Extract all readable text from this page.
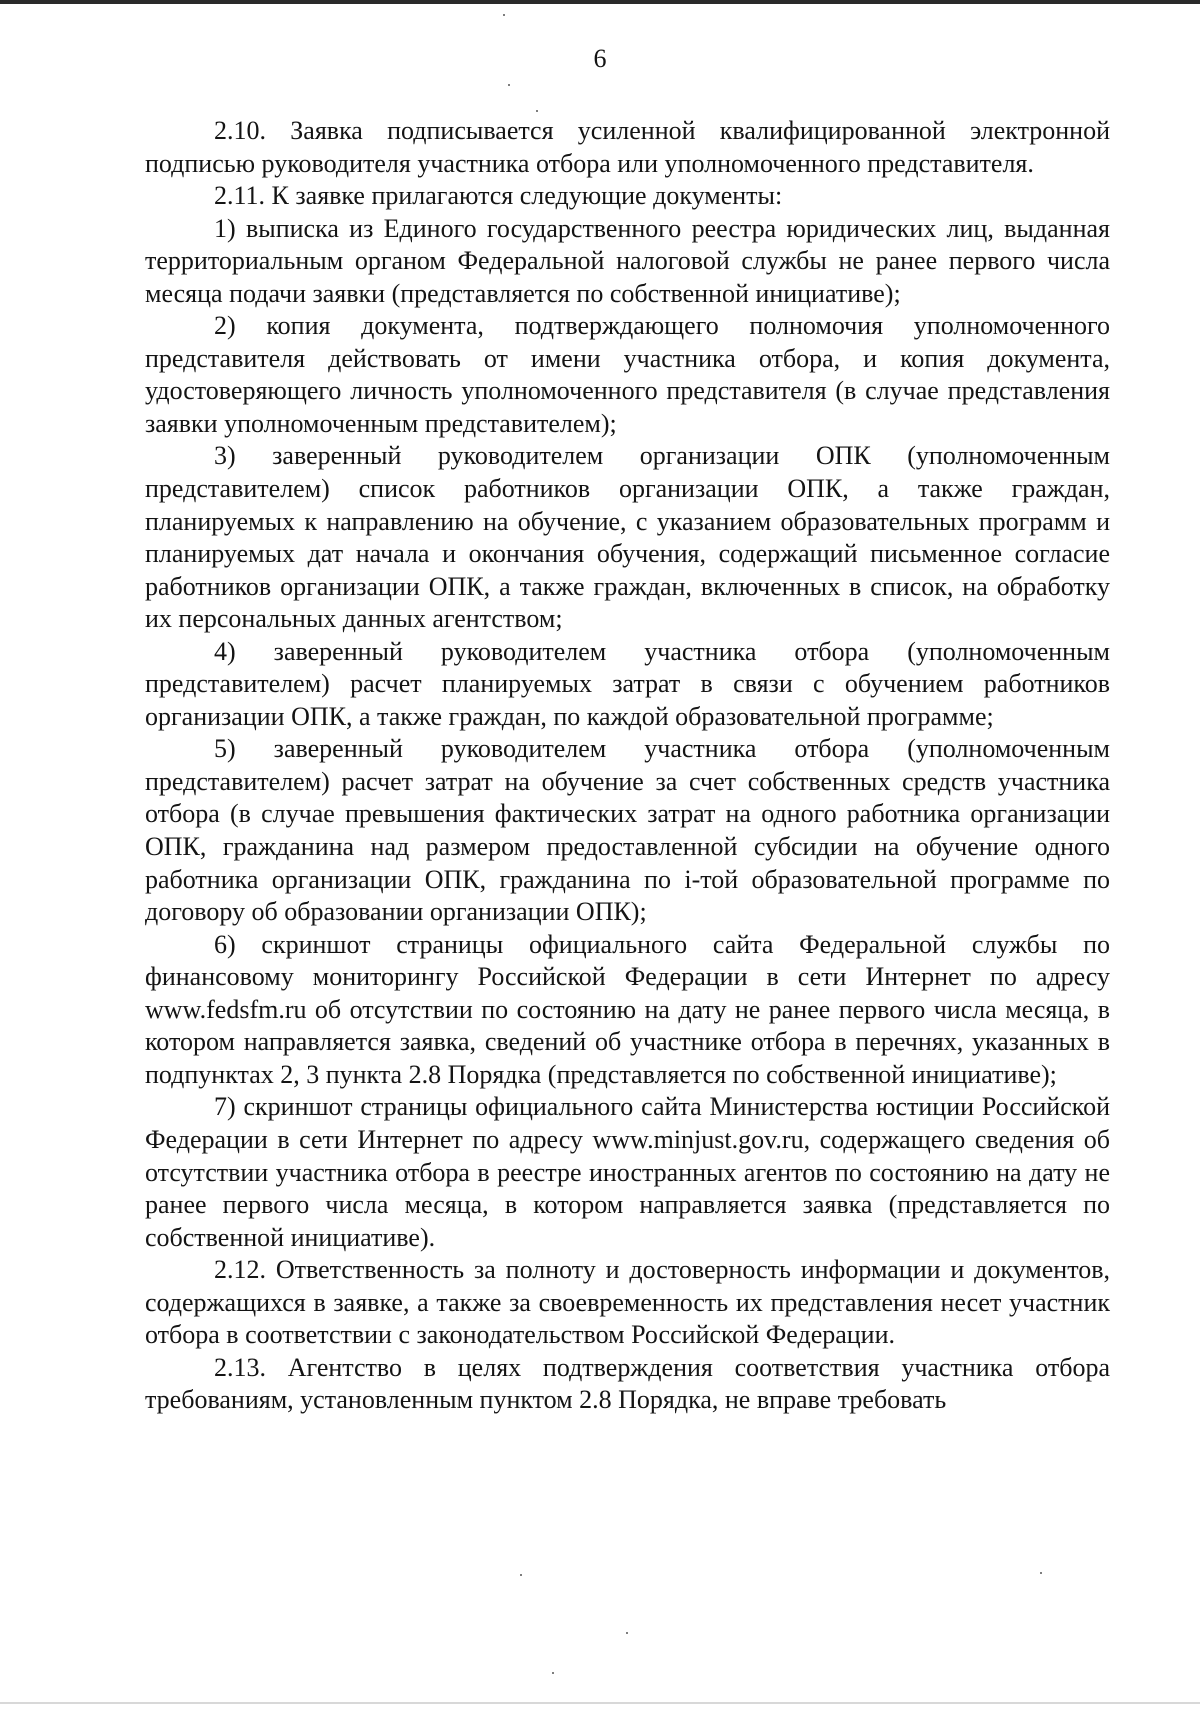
6

2.10. Заявка подписывается усиленной квалифицированной электронной подписью руководителя участника отбора или уполномоченного представителя.

2.11. К заявке прилагаются следующие документы:

1) выписка из Единого государственного реестра юридических лиц, выданная территориальным органом Федеральной налоговой службы не ранее первого числа месяца подачи заявки (представляется по собственной инициативе);

2) копия документа, подтверждающего полномочия уполномоченного представителя действовать от имени участника отбора, и копия документа, удостоверяющего личность уполномоченного представителя (в случае представления заявки уполномоченным представителем);

3) заверенный руководителем организации ОПК (уполномоченным представителем) список работников организации ОПК, а также граждан, планируемых к направлению на обучение, с указанием образовательных программ и планируемых дат начала и окончания обучения, содержащий письменное согласие работников организации ОПК, а также граждан, включенных в список, на обработку их персональных данных агентством;

4) заверенный руководителем участника отбора (уполномоченным представителем) расчет планируемых затрат в связи с обучением работников организации ОПК, а также граждан, по каждой образовательной программе;

5) заверенный руководителем участника отбора (уполномоченным представителем) расчет затрат на обучение за счет собственных средств участника отбора (в случае превышения фактических затрат на одного работника организации ОПК, гражданина над размером предоставленной субсидии на обучение одного работника организации ОПК, гражданина по i-той образовательной программе по договору об образовании организации ОПК);

6) скриншот страницы официального сайта Федеральной службы по финансовому мониторингу Российской Федерации в сети Интернет по адресу www.fedsfm.ru об отсутствии по состоянию на дату не ранее первого числа месяца, в котором направляется заявка, сведений об участнике отбора в перечнях, указанных в подпунктах 2, 3 пункта 2.8 Порядка (представляется по собственной инициативе);

7) скриншот страницы официального сайта Министерства юстиции Российской Федерации в сети Интернет по адресу www.minjust.gov.ru, содержащего сведения об отсутствии участника отбора в реестре иностранных агентов по состоянию на дату не ранее первого числа месяца, в котором направляется заявка (представляется по собственной инициативе).

2.12. Ответственность за полноту и достоверность информации и документов, содержащихся в заявке, а также за своевременность их представления несет участник отбора в соответствии с законодательством Российской Федерации.

2.13. Агентство в целях подтверждения соответствия участника отбора требованиям, установленным пунктом 2.8 Порядка, не вправе требовать
